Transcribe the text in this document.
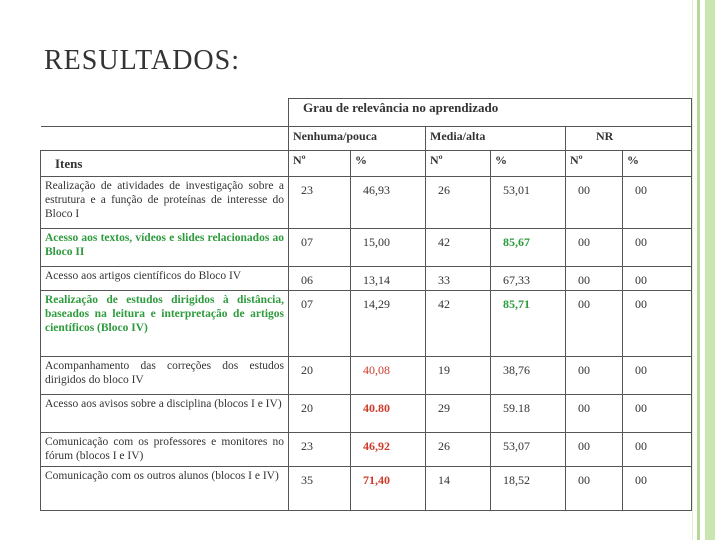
RESULTADOS:
	Grau de relevância no aprendizado					
	Nenhuma/pouca		Media/alta		NR	
Itens	Nº	%	Nº	%	Nº	%
Realização de atividades de investigação sobre a estrutura e a função de proteínas de interesse do Bloco I	23	46,93	26	53,01	00	00
Acesso aos textos, vídeos e slides relacionados ao Bloco II	07	15,00	42	85,67	00	00
Acesso aos artigos científicos do Bloco IV	06	13,14	33	67,33	00	00
Realização de estudos dirigidos à distância, baseados na leitura e interpretação de artigos científicos (Bloco IV)	07	14,29	42	85,71	00	00
Acompanhamento das correções dos estudos dirigidos do bloco IV	20	40,08	19	38,76	00	00
Acesso aos avisos sobre a disciplina (blocos I e IV)	20	40.80	29	59.18	00	00
Comunicação com os professores e monitores no fórum (blocos I e IV)	23	46,92	26	53,07	00	00
Comunicação com os outros alunos (blocos I e IV)	35	71,40	14	18,52	00	00
